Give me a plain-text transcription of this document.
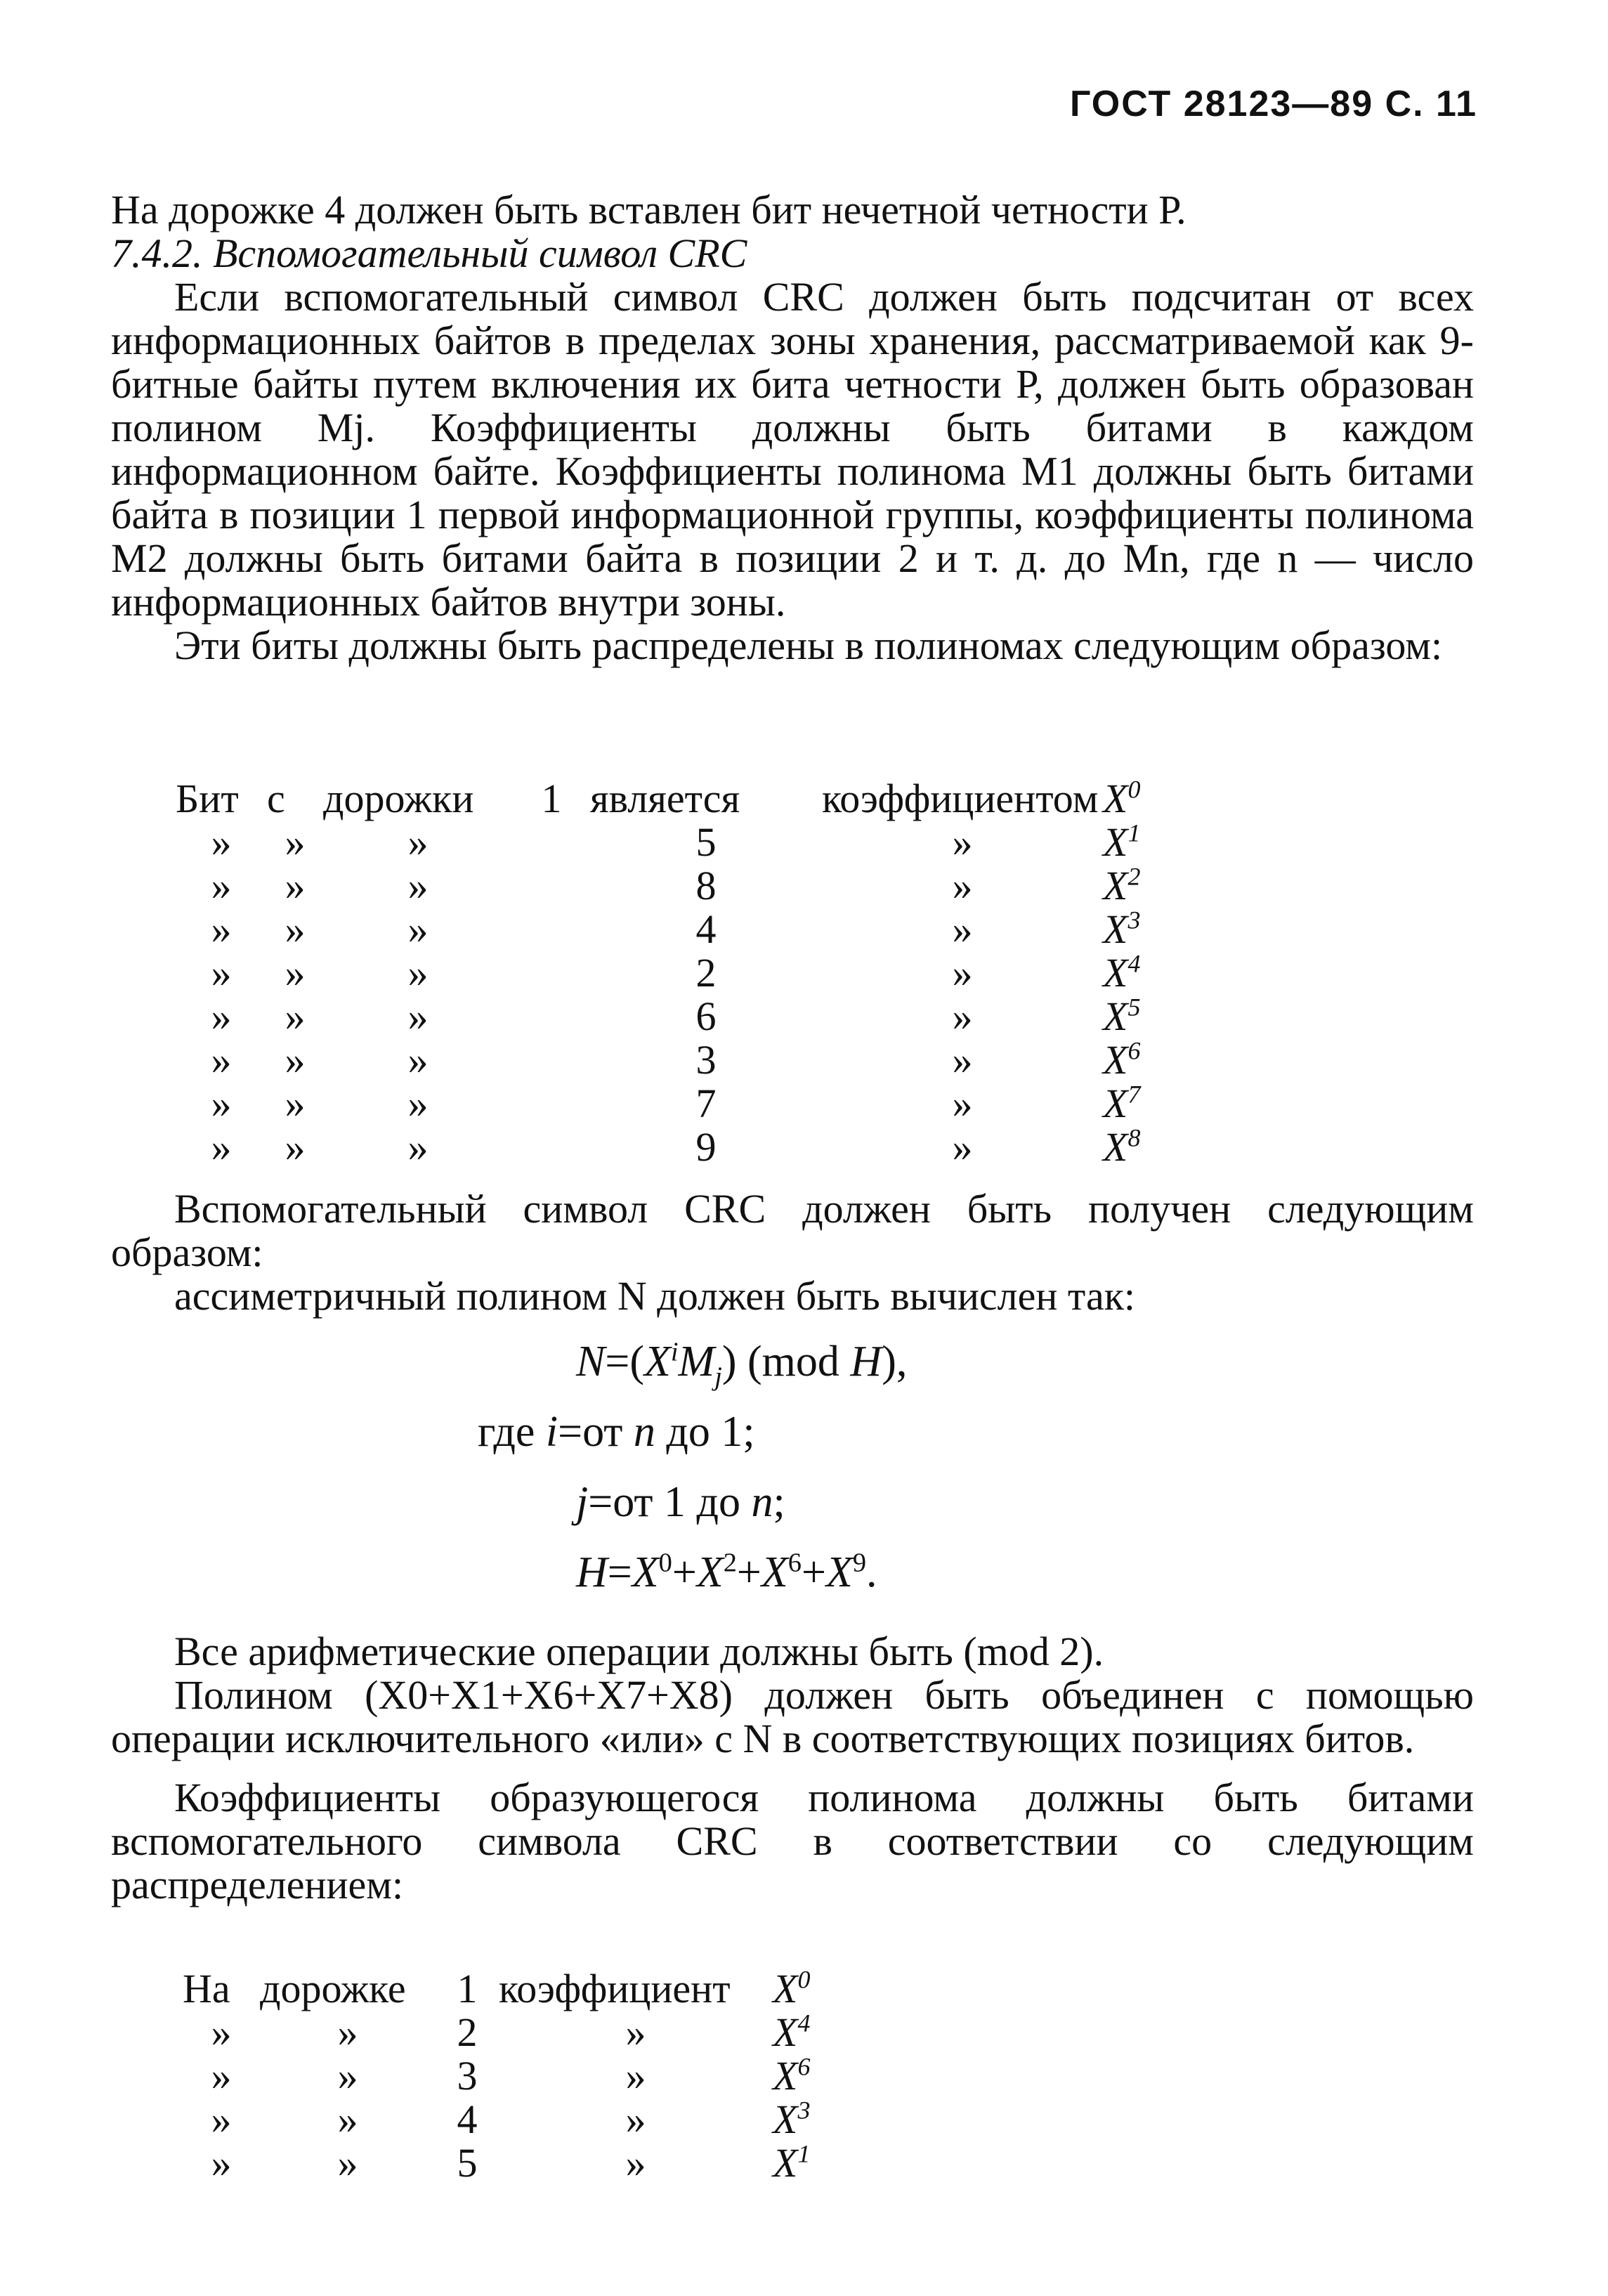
ГОСТ 28123—89 С. 11

На дорожке 4 должен быть вставлен бит нечетной четности Р.

7.4.2. Вспомогательный символ CRC

Если вспомогательный символ CRC должен быть подсчитан от всех информационных байтов в пределах зоны хранения, рассматриваемой как 9-битные байты путем включения их бита четности Р, должен быть образован полином Mj. Коэффициенты должны быть битами в каждом информационном байте. Коэффициенты полинома M1 должны быть битами байта в позиции 1 первой информационной группы, коэффициенты полинома M2 должны быть битами байта в позиции 2 и т. д. до Mn, где n — число информационных байтов внутри зоны.

Эти биты должны быть распределены в полиномах следующим образом:

Бит	с	дорожки	1	является	коэффициентом	$X^0$
»	»	»		5	»	$X^1$
»	»	»		8	»	$X^2$
»	»	»		4	»	$X^3$
»	»	»		2	»	$X^4$
»	»	»		6	»	$X^5$
»	»	»		3	»	$X^6$
»	»	»		7	»	$X^7$
»	»	»		9	»	$X^8$

Вспомогательный символ CRC должен быть получен следующим образом:

ассиметричный полином N должен быть вычислен так:

$N=(X^iM_j)$ (mod H),
где i=от n до 1;
j=от 1 до n;
$H=X^0+X^2+X^6+X^9$.

Все арифметические операции должны быть (mod 2).

Полином (X0+X1+X6+X7+X8) должен быть объединен с помощью операции исключительного «или» с N в соответствующих позициях битов.

Коэффициенты образующегося полинома должны быть битами вспомогательного символа CRC в соответствии со следующим распределением:

На	дорожке	1	коэффициент	$X^0$
»	»	2	»	$X^4$
»	»	3	»	$X^6$
»	»	4	»	$X^3$
»	»	5	»	$X^1$
